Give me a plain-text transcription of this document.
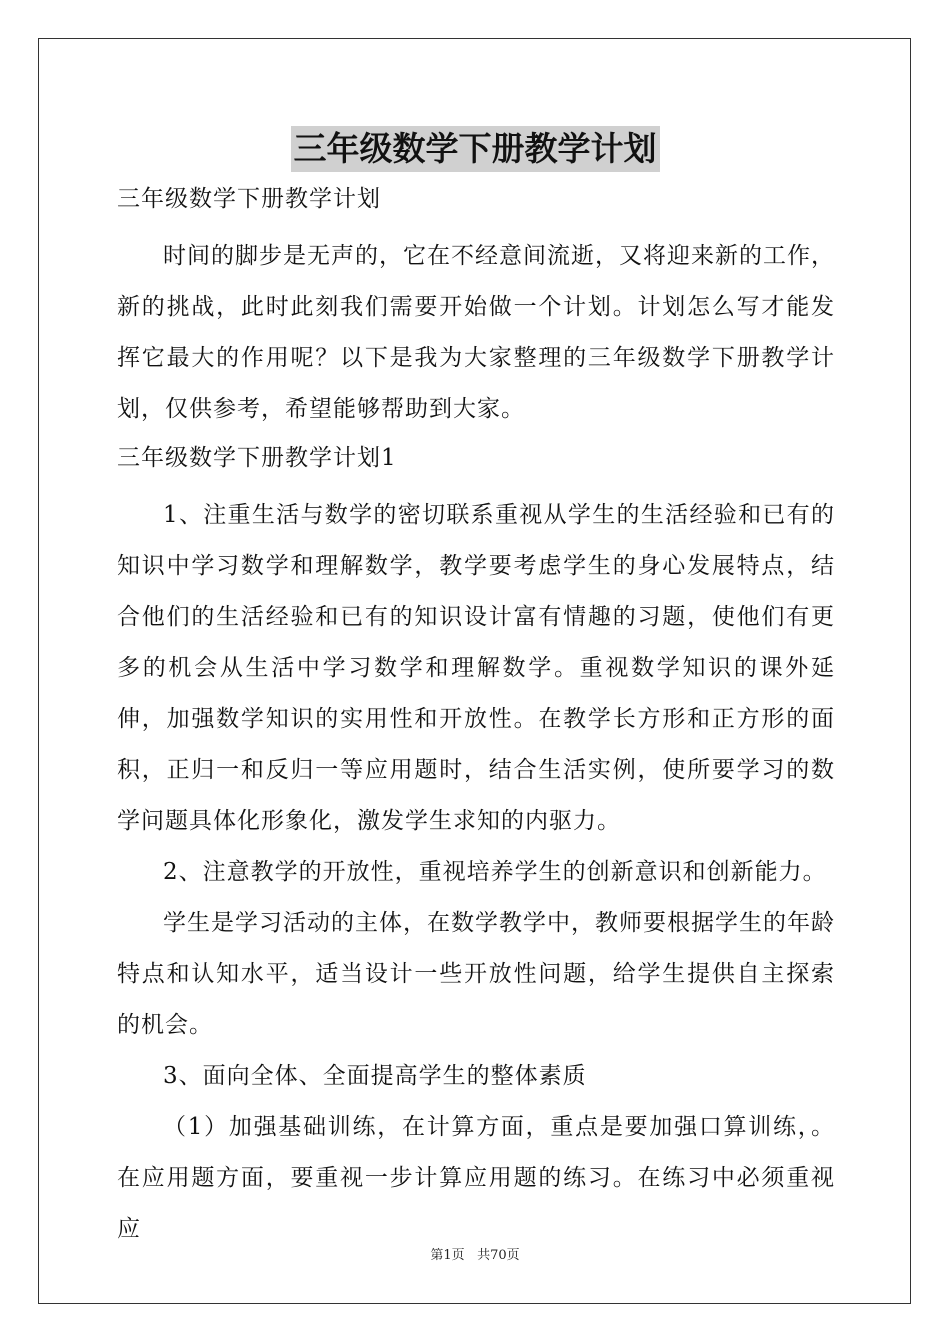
三年级数学下册教学计划
三年级数学下册教学计划

时间的脚步是无声的，它在不经意间流逝，又将迎来新的工作，新的挑战，此时此刻我们需要开始做一个计划。计划怎么写才能发挥它最大的作用呢？以下是我为大家整理的三年级数学下册教学计划，仅供参考，希望能够帮助到大家。

三年级数学下册教学计划1

1、注重生活与数学的密切联系重视从学生的生活经验和已有的知识中学习数学和理解数学，教学要考虑学生的身心发展特点，结合他们的生活经验和已有的知识设计富有情趣的习题，使他们有更多的机会从生活中学习数学和理解数学。重视数学知识的课外延伸，加强数学知识的实用性和开放性。在教学长方形和正方形的面积，正归一和反归一等应用题时，结合生活实例，使所要学习的数学问题具体化形象化，激发学生求知的内驱力。

2、注意教学的开放性，重视培养学生的创新意识和创新能力。

学生是学习活动的主体，在数学教学中，教师要根据学生的年龄特点和认知水平，适当设计一些开放性问题，给学生提供自主探索的机会。

3、面向全体、全面提高学生的整体素质

（1）加强基础训练，在计算方面，重点是要加强口算训练，。在应用题方面，要重视一步计算应用题的练习。在练习中必须重视应

第1页 共70页
